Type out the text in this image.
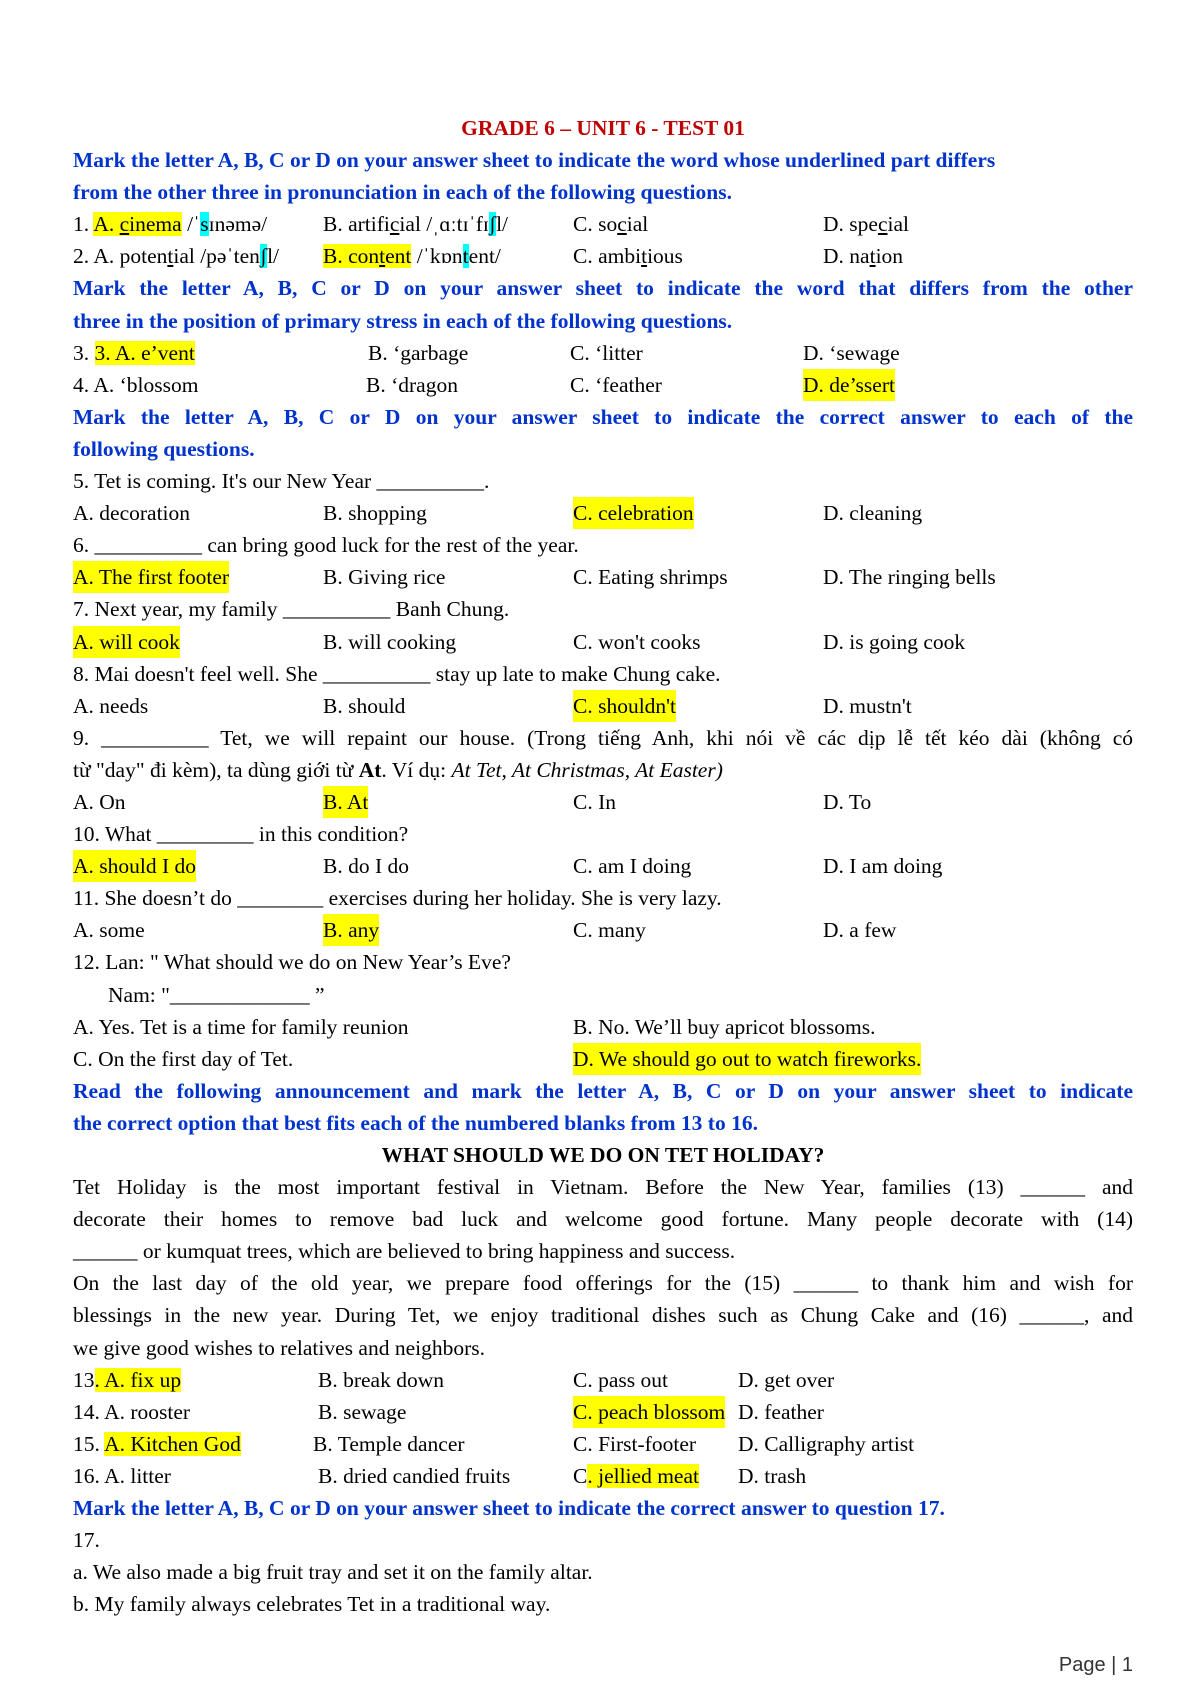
GRADE 6 – UNIT 6 - TEST 01
Mark the letter A, B, C or D on your answer sheet to indicate the word whose underlined part differs
from the other three in pronunciation in each of the following questions.
1. A. cinema /ˈsɪnəmə/	B. artificial /ˌɑːtɪˈfɪʃl/	C. social	D. special
2. A. potential /pəˈtenʃl/ B. content /ˈkɒntent/	C. ambitious	D. nation
Mark the letter A, B, C or D on your answer sheet to indicate the word that differs from the other
three in the position of primary stress in each of the following questions.
3. 3. A. e’vent	B. ‘garbage	C. ‘litter	D. ‘sewage
4. A. ‘blossom	B. ‘dragon	C. ‘feather	D. de’ssert
Mark the letter A, B, C or D on your answer sheet to indicate the correct answer to each of the
following questions.
5. Tet is coming. It's our New Year __________.
A. decoration	B. shopping	C. celebration	D. cleaning
6. __________ can bring good luck for the rest of the year.
A. The first footer	B. Giving rice	C. Eating shrimps	D. The ringing bells
7. Next year, my family __________ Banh Chung.
A. will cook	B. will cooking	C. won't cooks	D. is going cook
8. Mai doesn't feel well. She __________ stay up late to make Chung cake.
A. needs	B. should	C. shouldn't	D. mustn't
9. __________ Tet, we will repaint our house. (Trong tiếng Anh, khi nói về các dịp lễ tết kéo dài (không có
từ "day" đi kèm), ta dùng giới từ At. Ví dụ: At Tet, At Christmas, At Easter)
A. On	B. At	C. In	D. To
10. What _________ in this condition?
A. should I do	B. do I do	C. am I doing	D. I am doing
11. She doesn’t do ________ exercises during her holiday. She is very lazy.
A. some	B. any	C. many	D. a few
12. Lan: " What should we do on New Year’s Eve?
Nam: "_____________ ”
A. Yes. Tet is a time for family reunion	B. No. We’ll buy apricot blossoms.
C. On the first day of Tet.	D. We should go out to watch fireworks.
Read the following announcement and mark the letter A, B, C or D on your answer sheet to indicate
the correct option that best fits each of the numbered blanks from 13 to 16.
WHAT SHOULD WE DO ON TET HOLIDAY?
Tet Holiday is the most important festival in Vietnam. Before the New Year, families (13) ______ and
decorate their homes to remove bad luck and welcome good fortune. Many people decorate with (14)
______ or kumquat trees, which are believed to bring happiness and success.
On the last day of the old year, we prepare food offerings for the (15) ______ to thank him and wish for
blessings in the new year. During Tet, we enjoy traditional dishes such as Chung Cake and (16) ______, and
we give good wishes to relatives and neighbors.
13. A. fix up	B. break down	C. pass out	D. get over
14. A. rooster	B. sewage	C. peach blossom D. feather
15. A. Kitchen God	B. Temple dancer	C. First-footer D. Calligraphy artist
16. A. litter	B. dried candied fruits	C. jellied meat D. trash
Mark the letter A, B, C or D on your answer sheet to indicate the correct answer to question 17.
17.
a. We also made a big fruit tray and set it on the family altar.
b. My family always celebrates Tet in a traditional way.
Page | 1
